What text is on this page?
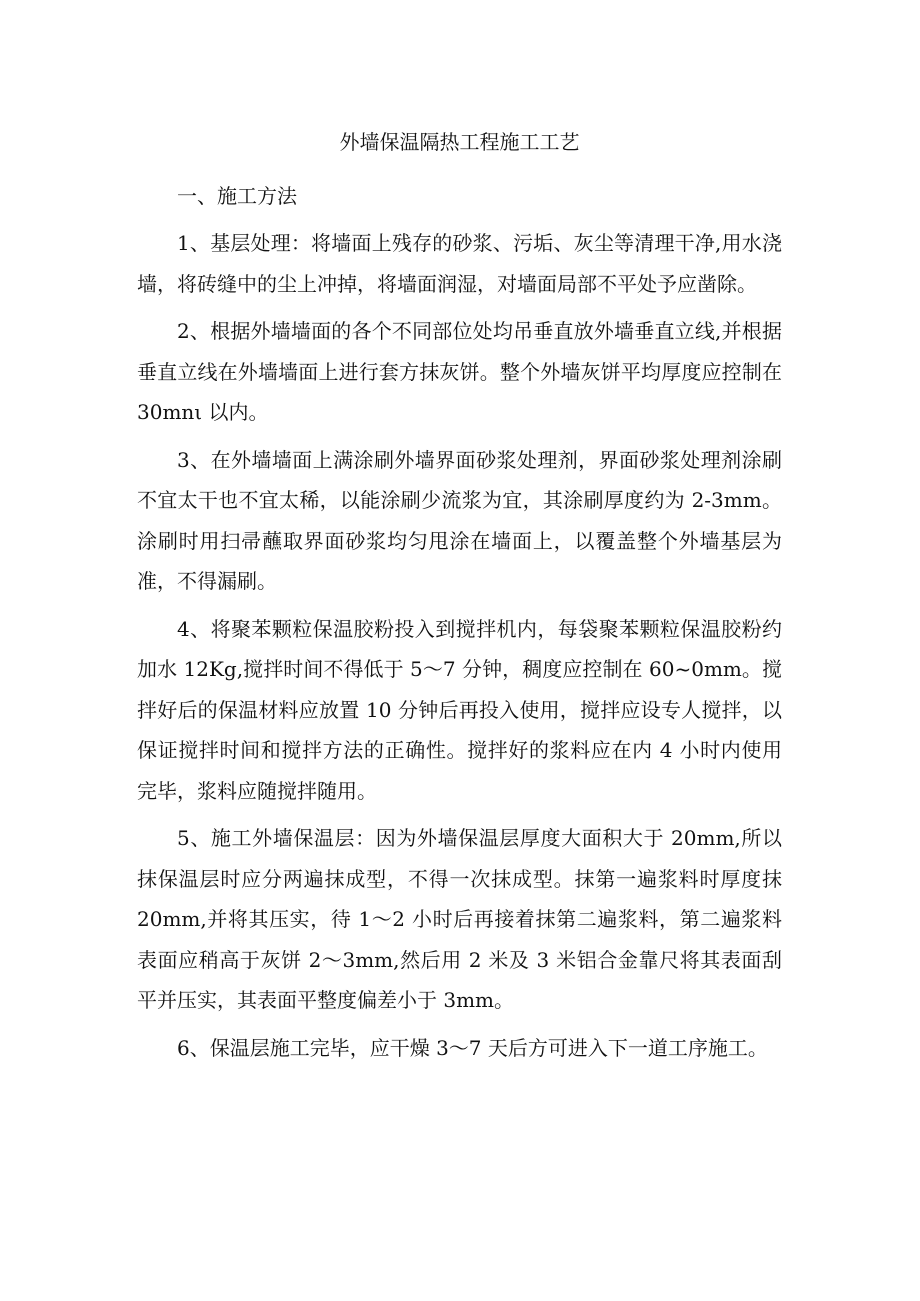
外墙保温隔热工程施工工艺

一、施工方法

1、基层处理：将墙面上残存的砂浆、污垢、灰尘等清理干净,用水浇墙，将砖缝中的尘上冲掉，将墙面润湿，对墙面局部不平处予应凿除。

2、根据外墙墙面的各个不同部位处均吊垂直放外墙垂直立线,并根据垂直立线在外墙墙面上进行套方抹灰饼。整个外墙灰饼平均厚度应控制在 30mnι 以内。

3、在外墙墙面上满涂刷外墙界面砂浆处理剂，界面砂浆处理剂涂刷不宜太干也不宜太稀，以能涂刷少流浆为宜，其涂刷厚度约为 2-3mm。涂刷时用扫帚蘸取界面砂浆均匀甩涂在墙面上，以覆盖整个外墙基层为准，不得漏刷。

4、将聚苯颗粒保温胶粉投入到搅拌机内，每袋聚苯颗粒保温胶粉约加水 12Kg,搅拌时间不得低于 5～7 分钟，稠度应控制在 60~0mm。搅拌好后的保温材料应放置 10 分钟后再投入使用，搅拌应设专人搅拌，以保证搅拌时间和搅拌方法的正确性。搅拌好的浆料应在内 4 小时内使用完毕，浆料应随搅拌随用。

5、施工外墙保温层：因为外墙保温层厚度大面积大于 20mm,所以抹保温层时应分两遍抹成型，不得一次抹成型。抹第一遍浆料时厚度抹 20mm,并将其压实，待 1～2 小时后再接着抹第二遍浆料，第二遍浆料表面应稍高于灰饼 2～3mm,然后用 2 米及 3 米铝合金靠尺将其表面刮平并压实，其表面平整度偏差小于 3mm。

6、保温层施工完毕，应干燥 3～7 天后方可进入下一道工序施工。
